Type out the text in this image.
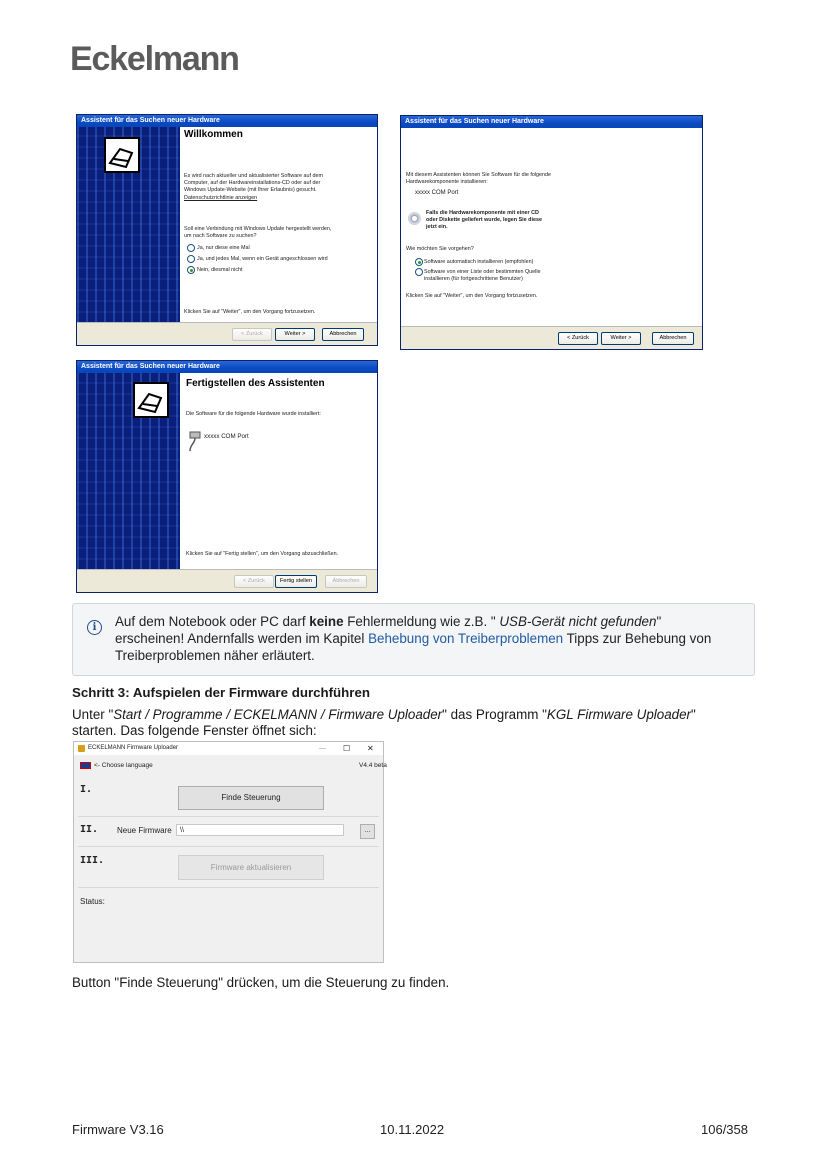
Eckelmann
Assistent für das Suchen neuer Hardware
Willkommen
Es wird nach aktueller und aktualisierter Software auf dem
Computer, auf der Hardwareinstallations-CD oder auf der
Windows Update-Website (mit Ihrer Erlaubnis) gesucht.
Datenschutzrichtlinie anzeigen
Soll eine Verbindung mit Windows Update hergestellt werden,
um nach Software zu suchen?
Ja, nur diese eine Mal
Ja, und jedes Mal, wenn ein Gerät angeschlossen wird
Nein, diesmal nicht
Klicken Sie auf "Weiter", um den Vorgang fortzusetzen.
< Zurück	Weiter >	Abbrechen
Assistent für das Suchen neuer Hardware
Mit diesem Assistenten können Sie Software für die folgende
Hardwarekomponente installieren:
xxxxx COM Port
Falls die Hardwarekomponente mit einer CD
oder Diskette geliefert wurde, legen Sie diese
jetzt ein.
Wie möchten Sie vorgehen?
Software automatisch installieren (empfohlen)
Software von einer Liste oder bestimmten Quelle
installieren (für fortgeschrittene Benutzer)
Klicken Sie auf "Weiter", um den Vorgang fortzusetzen.
< Zurück	Weiter >	Abbrechen
Assistent für das Suchen neuer Hardware
Fertigstellen des Assistenten
Die Software für die folgende Hardware wurde installiert:
xxxxx COM Port
Klicken Sie auf "Fertig stellen", um den Vorgang abzuschließen.
< Zurück	Fertig stellen	Abbrechen
i	Auf dem Notebook oder PC darf keine Fehlermeldung wie z.B. " USB-Gerät nicht gefunden"
erscheinen! Andernfalls werden im Kapitel Behebung von Treiberproblemen Tipps zur Behebung von
Treiberproblemen näher erläutert.
Schritt 3: Aufspielen der Firmware durchführen
Unter "Start / Programme / ECKELMANN / Firmware Uploader" das Programm "KGL Firmware Uploader"
starten. Das folgende Fenster öffnet sich:
ECKELMANN Firmware Uploader	— ☐ ✕
<- Choose language	V4.4 beta
I.
Finde Steuerung
II. Neue Firmware	\\	...
III.
Firmware aktualisieren
Status:
Button "Finde Steuerung" drücken, um die Steuerung zu finden.
Firmware V3.16	10.11.2022	106/358
